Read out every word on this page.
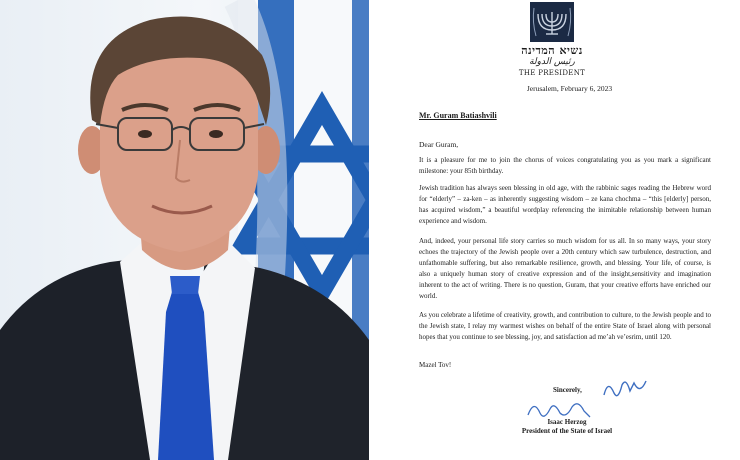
נשיא המדינה
رئيس الدولة
THE PRESIDENT
Jerusalem, February 6, 2023
Mr. Guram Batiashvili
Dear Guram,

It is a pleasure for me to join the chorus of voices congratulating you as you mark a significant milestone: your 85th birthday.

Jewish tradition has always seen blessing in old age, with the rabbinic sages reading the Hebrew word for “elderly” – za-ken – as inherently suggesting wisdom – ze kana chochma – “this [elderly] person, has acquired wisdom,” a beautiful wordplay referencing the inimitable relationship between human experience and wisdom.

And, indeed, your personal life story carries so much wisdom for us all. In so many ways, your story echoes the trajectory of the Jewish people over a 20th century which saw turbulence, destruction, and unfathomable suffering, but also remarkable resilience, growth, and blessing. Your life, of course, is also a uniquely human story of creative expression and of the insight,sensitivity and imagination inherent to the act of writing. There is no question, Guram, that your creative efforts have enriched our world.

As you celebrate a lifetime of creativity, growth, and contribution to culture, to the Jewish people and to the Jewish state, I relay my warmest wishes on behalf of the entire State of Israel along with personal hopes that you continue to see blessing, joy, and satisfaction ad me’ah ve’esrim, until 120.

Mazel Tov!
Sincerely,
Isaac Herzog
President of the State of Israel
